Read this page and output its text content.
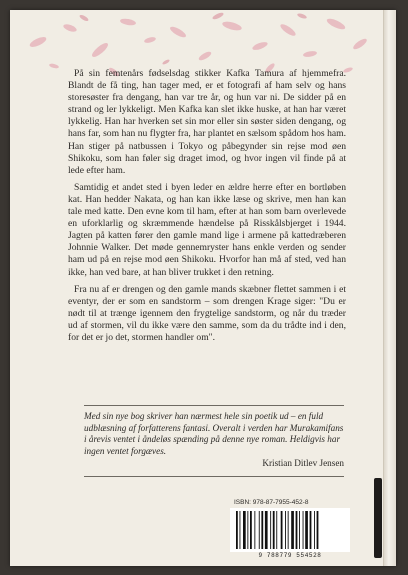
På sin femtenårs fødselsdag stikker Kafka Tamura af hjemmefra. Blandt de få ting, han tager med, er et fotografi af ham selv og hans storesøster fra dengang, han var tre år, og hun var ni. De sidder på en strand og ler lykkeligt. Men Kafka kan slet ikke huske, at han har været lykkelig. Han har hverken set sin mor eller sin søster siden dengang, og hans far, som han nu flygter fra, har plantet en sælsom spådom hos ham. Han stiger på natbussen i Tokyo og påbegynder sin rejse mod øen Shikoku, som han føler sig draget imod, og hvor ingen vil finde på at lede efter ham.

Samtidig et andet sted i byen leder en ældre herre efter en bortløben kat. Han hedder Nakata, og han kan ikke læse og skrive, men han kan tale med katte. Den evne kom til ham, efter at han som barn overlevede en uforklarlig og skræmmende hændelse på Risskålsbjerget i 1944. Jagten på katten fører den gamle mand lige i armene på kattedræberen Johnnie Walker. Det møde gennemryster hans enkle verden og sender ham ud på en rejse mod øen Shikoku. Hvorfor han må af sted, ved han ikke, han ved bare, at han bliver trukket i den retning.

Fra nu af er drengen og den gamle mands skæbner flettet sammen i et eventyr, der er som en sandstorm – som drengen Krage siger: "Du er nødt til at trænge igennem den frygtelige sandstorm, og når du træder ud af stormen, vil du ikke være den samme, som da du trådte ind i den, for det er jo det, stormen handler om".

Med sin nye bog skriver han nærmest hele sin poetik ud – en fuld udblæsning af forfatterens fantasi. Overalt i verden har Murakamifans i årevis ventet i åndeløs spænding på denne nye roman. Heldigvis har ingen ventet forgæves.

Kristian Ditlev Jensen
ISBN: 978-87-7955-452-8
9 788779 554528
